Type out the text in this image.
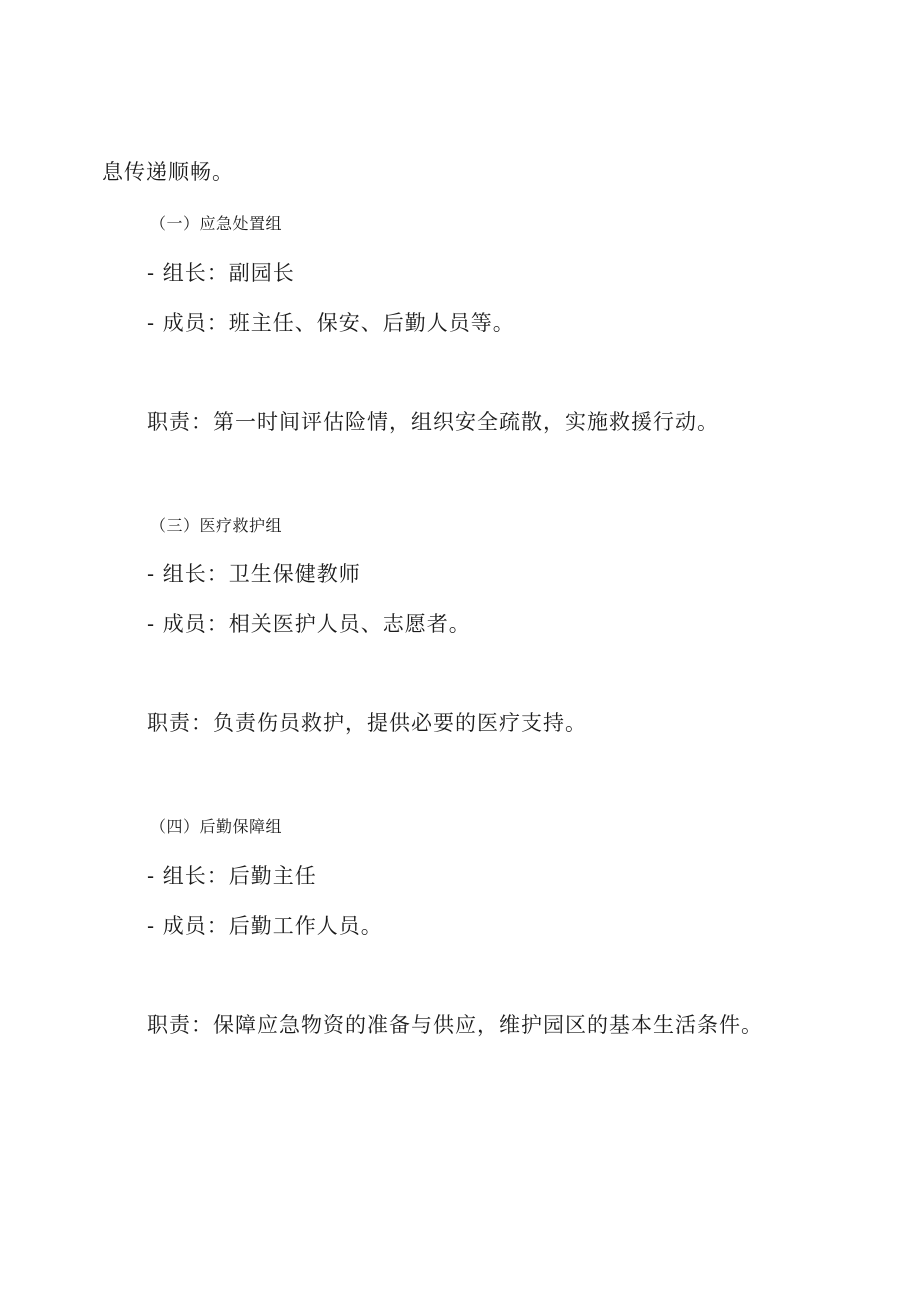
息传递顺畅。
（一）应急处置组
- 组长：副园长
- 成员：班主任、保安、后勤人员等。
职责：第一时间评估险情，组织安全疏散，实施救援行动。
（三）医疗救护组
- 组长：卫生保健教师
- 成员：相关医护人员、志愿者。
职责：负责伤员救护，提供必要的医疗支持。
（四）后勤保障组
- 组长：后勤主任
- 成员：后勤工作人员。
职责：保障应急物资的准备与供应，维护园区的基本生活条件。
